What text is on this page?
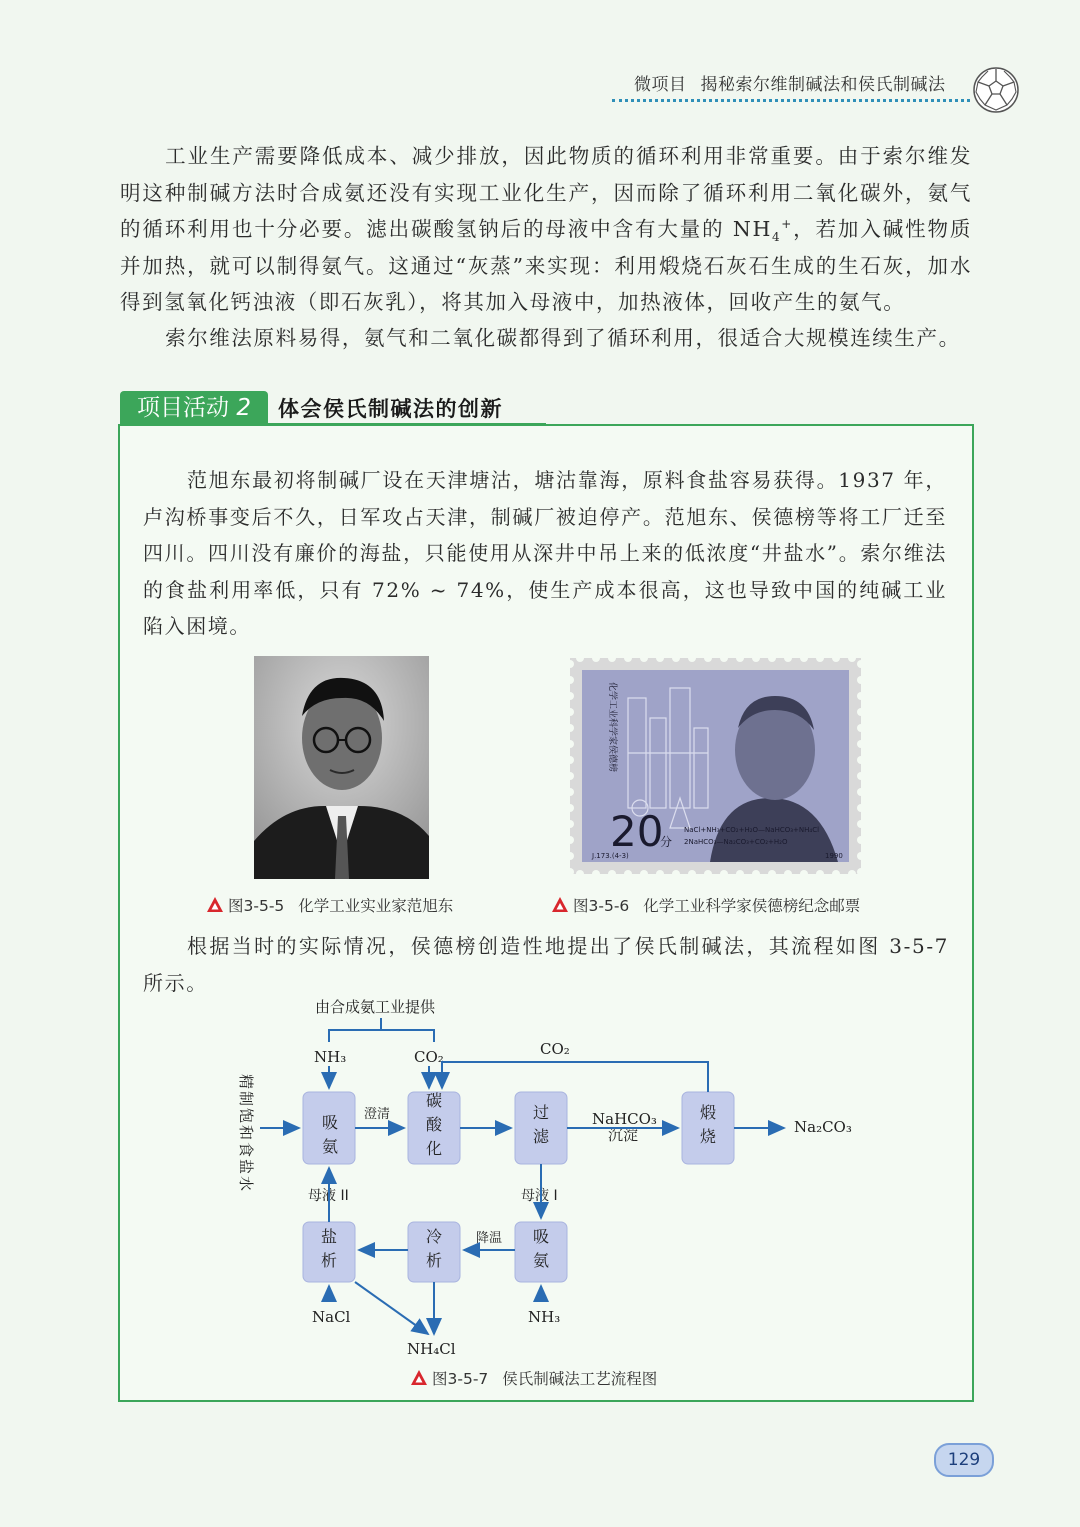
微项目 揭秘索尔维制碱法和侯氏制碱法

工业生产需要降低成本、减少排放，因此物质的循环利用非常重要。由于索尔维发明这种制碱方法时合成氨还没有实现工业化生产，因而除了循环利用二氧化碳外，氨气的循环利用也十分必要。滤出碳酸氢钠后的母液中含有大量的 $NH_4^+$，若加入碱性物质并加热，就可以制得氨气。这通过“灰蒸”来实现：利用煅烧石灰石生成的生石灰，加水得到氢氧化钙浊液（即石灰乳），将其加入母液中，加热液体，回收产生的氨气。

索尔维法原料易得，氨气和二氧化碳都得到了循环利用，很适合大规模连续生产。

项目活动 2	体会侯氏制碱法的创新

范旭东最初将制碱厂设在天津塘沽，塘沽靠海，原料食盐容易获得。1937 年，卢沟桥事变后不久，日军攻占天津，制碱厂被迫停产。范旭东、侯德榜等将工厂迁至四川。四川没有廉价的海盐，只能使用从深井中吊上来的低浓度“井盐水”。索尔维法的食盐利用率低，只有 72% ~ 74%，使生产成本很高，这也导致中国的纯碱工业陷入困境。

20
分
J.173.(4-3)	1990
化学工业科学家侯德榜
NaCl+NH₃+CO₂+H₂O—NaHCO₃+NH₄Cl
2NaHCO₃—Na₂CO₃+CO₂+H₂O
图3-5-5 化学工业实业家范旭东	图3-5-6 化学工业科学家侯德榜纪念邮票

根据当时的实际情况，侯德榜创造性地提出了侯氏制碱法，其流程如图 3-5-7 所示。

由合成氨工业提供
NH₃	CO₂	CO₂
澄清	NaHCO₃
沉淀	Na₂CO₃
母液 II	母液 I
降温
NaCl
NH₄Cl
NH₃
精制饱和食盐水	吸氨
碳酸化
过滤
煅烧
盐析
冷析
吸氨
图3-5-7 侯氏制碱法工艺流程图
129
